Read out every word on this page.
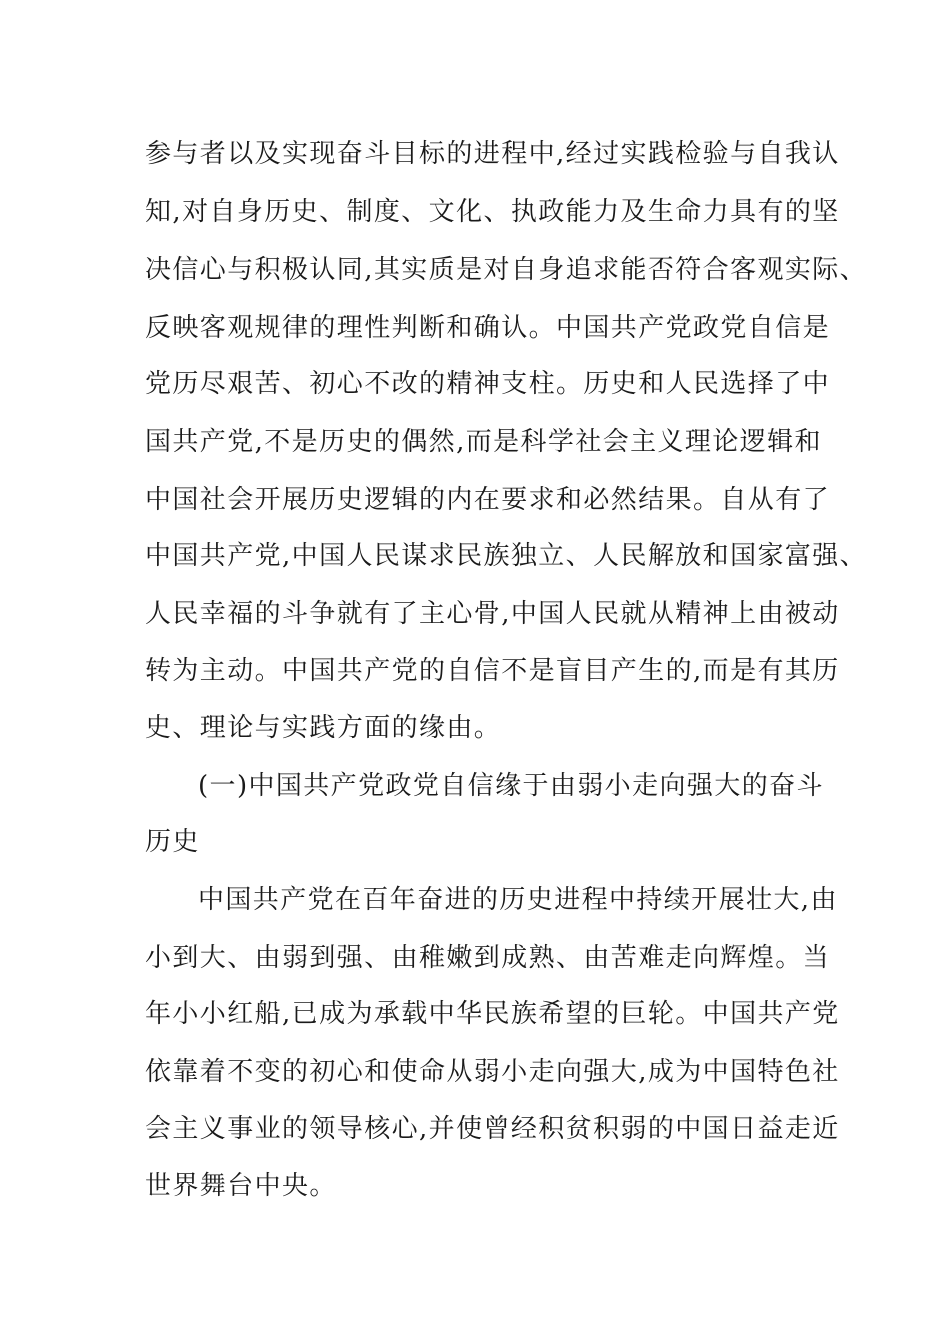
参与者以及实现奋斗目标的进程中,经过实践检验与自我认
知,对自身历史、制度、文化、执政能力及生命力具有的坚
决信心与积极认同,其实质是对自身追求能否符合客观实际、
反映客观规律的理性判断和确认。中国共产党政党自信是
党历尽艰苦、初心不改的精神支柱。历史和人民选择了中
国共产党,不是历史的偶然,而是科学社会主义理论逻辑和
中国社会开展历史逻辑的内在要求和必然结果。自从有了
中国共产党,中国人民谋求民族独立、人民解放和国家富强、
人民幸福的斗争就有了主心骨,中国人民就从精神上由被动
转为主动。中国共产党的自信不是盲目产生的,而是有其历
史、理论与实践方面的缘由。
(一)中国共产党政党自信缘于由弱小走向强大的奋斗
历史
中国共产党在百年奋进的历史进程中持续开展壮大,由
小到大、由弱到强、由稚嫩到成熟、由苦难走向辉煌。当
年小小红船,已成为承载中华民族希望的巨轮。中国共产党
依靠着不变的初心和使命从弱小走向强大,成为中国特色社
会主义事业的领导核心,并使曾经积贫积弱的中国日益走近
世界舞台中央。
